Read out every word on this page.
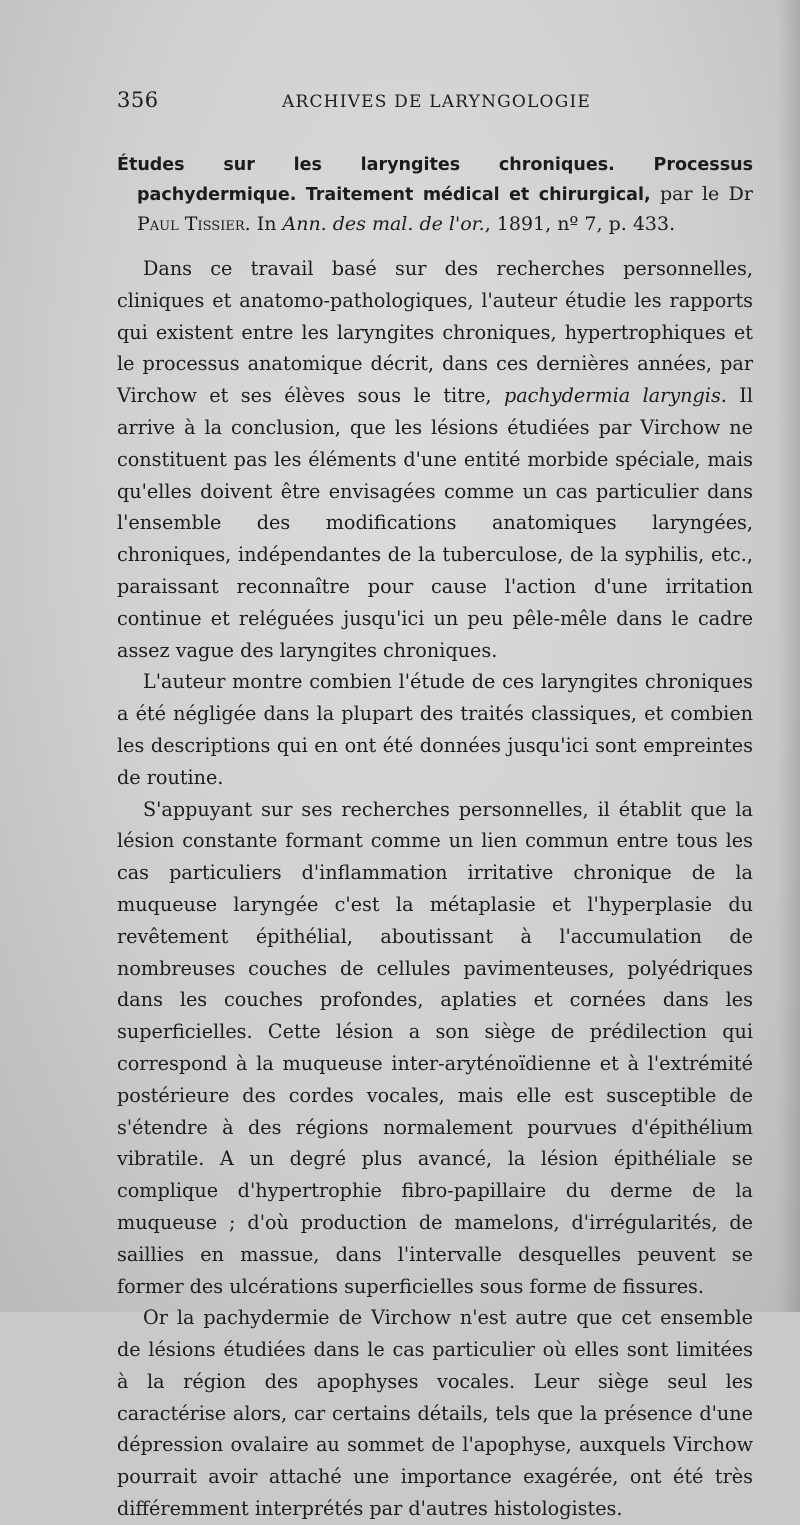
356	ARCHIVES DE LARYNGOLOGIE

Études sur les laryngites chroniques. Processus pachydermique. Traitement médical et chirurgical, par le Dr Paul Tissier. In Ann. des mal. de l'or., 1891, nº 7, p. 433.

Dans ce travail basé sur des recherches personnelles, cliniques et anatomo-pathologiques, l'auteur étudie les rapports qui existent entre les laryngites chroniques, hypertrophiques et le processus anatomique décrit, dans ces dernières années, par Virchow et ses élèves sous le titre, pachydermia laryngis. Il arrive à la conclusion, que les lésions étudiées par Virchow ne constituent pas les éléments d'une entité morbide spéciale, mais qu'elles doivent être envisagées comme un cas particulier dans l'ensemble des modifications anatomiques laryngées, chroniques, indépendantes de la tuberculose, de la syphilis, etc., paraissant reconnaître pour cause l'action d'une irritation continue et reléguées jusqu'ici un peu pêle-mêle dans le cadre assez vague des laryngites chroniques.

L'auteur montre combien l'étude de ces laryngites chroniques a été négligée dans la plupart des traités classiques, et combien les descriptions qui en ont été données jusqu'ici sont empreintes de routine.

S'appuyant sur ses recherches personnelles, il établit que la lésion constante formant comme un lien commun entre tous les cas particuliers d'inflammation irritative chronique de la muqueuse laryngée c'est la métaplasie et l'hyperplasie du revêtement épithélial, aboutissant à l'accumulation de nombreuses couches de cellules pavimenteuses, polyédriques dans les couches profondes, aplaties et cornées dans les superficielles. Cette lésion a son siège de prédilection qui correspond à la muqueuse inter-aryténoïdienne et à l'extrémité postérieure des cordes vocales, mais elle est susceptible de s'étendre à des régions normalement pourvues d'épithélium vibratile. A un degré plus avancé, la lésion épithéliale se complique d'hypertrophie fibro-papillaire du derme de la muqueuse ; d'où production de mamelons, d'irrégularités, de saillies en massue, dans l'intervalle desquelles peuvent se former des ulcérations superficielles sous forme de fissures.

Or la pachydermie de Virchow n'est autre que cet ensemble de lésions étudiées dans le cas particulier où elles sont limitées à la région des apophyses vocales. Leur siège seul les caractérise alors, car certains détails, tels que la présence d'une dépression ovalaire au sommet de l'apophyse, auxquels Virchow pourrait avoir attaché une importance exagérée, ont été très différemment interprétés par d'autres histologistes.
